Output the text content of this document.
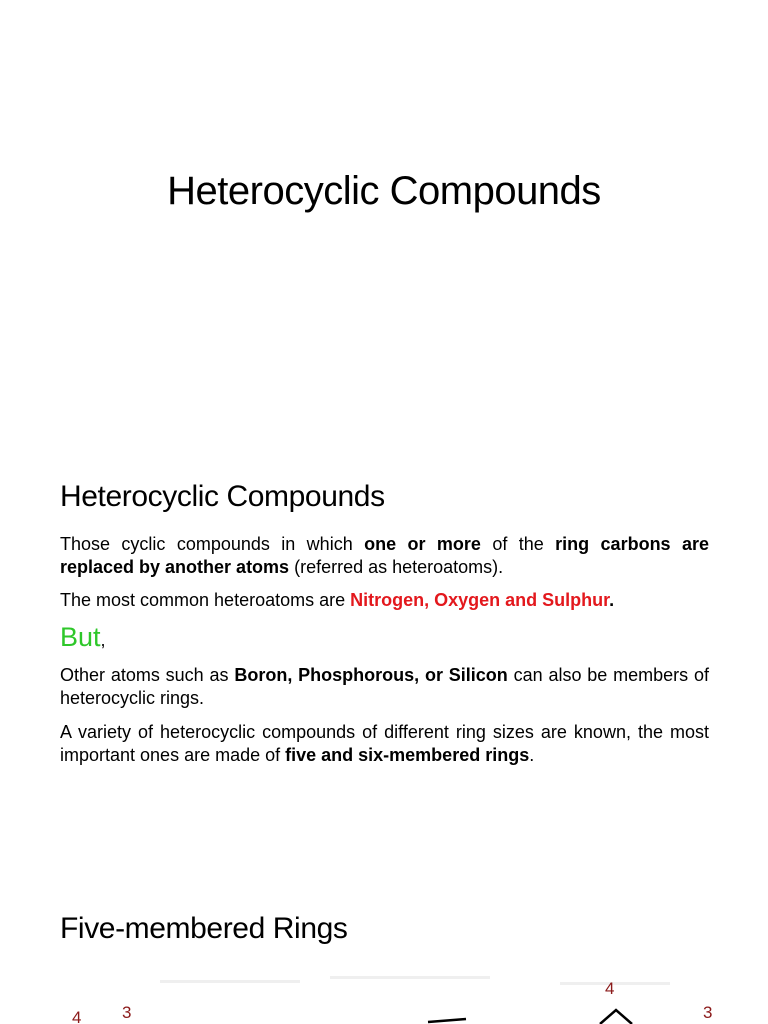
Heterocyclic Compounds
Heterocyclic Compounds

Those cyclic compounds in which one or more of the ring carbons are replaced by another atoms (referred as heteroatoms).

The most common heteroatoms are Nitrogen, Oxygen and Sulphur.

But,

Other atoms such as Boron, Phosphorous, or Silicon can also be members of heterocyclic rings.

A variety of heterocyclic compounds of different ring sizes are known, the most important ones are made of five and six-membered rings.

Five-membered Rings
4 3
4
3
